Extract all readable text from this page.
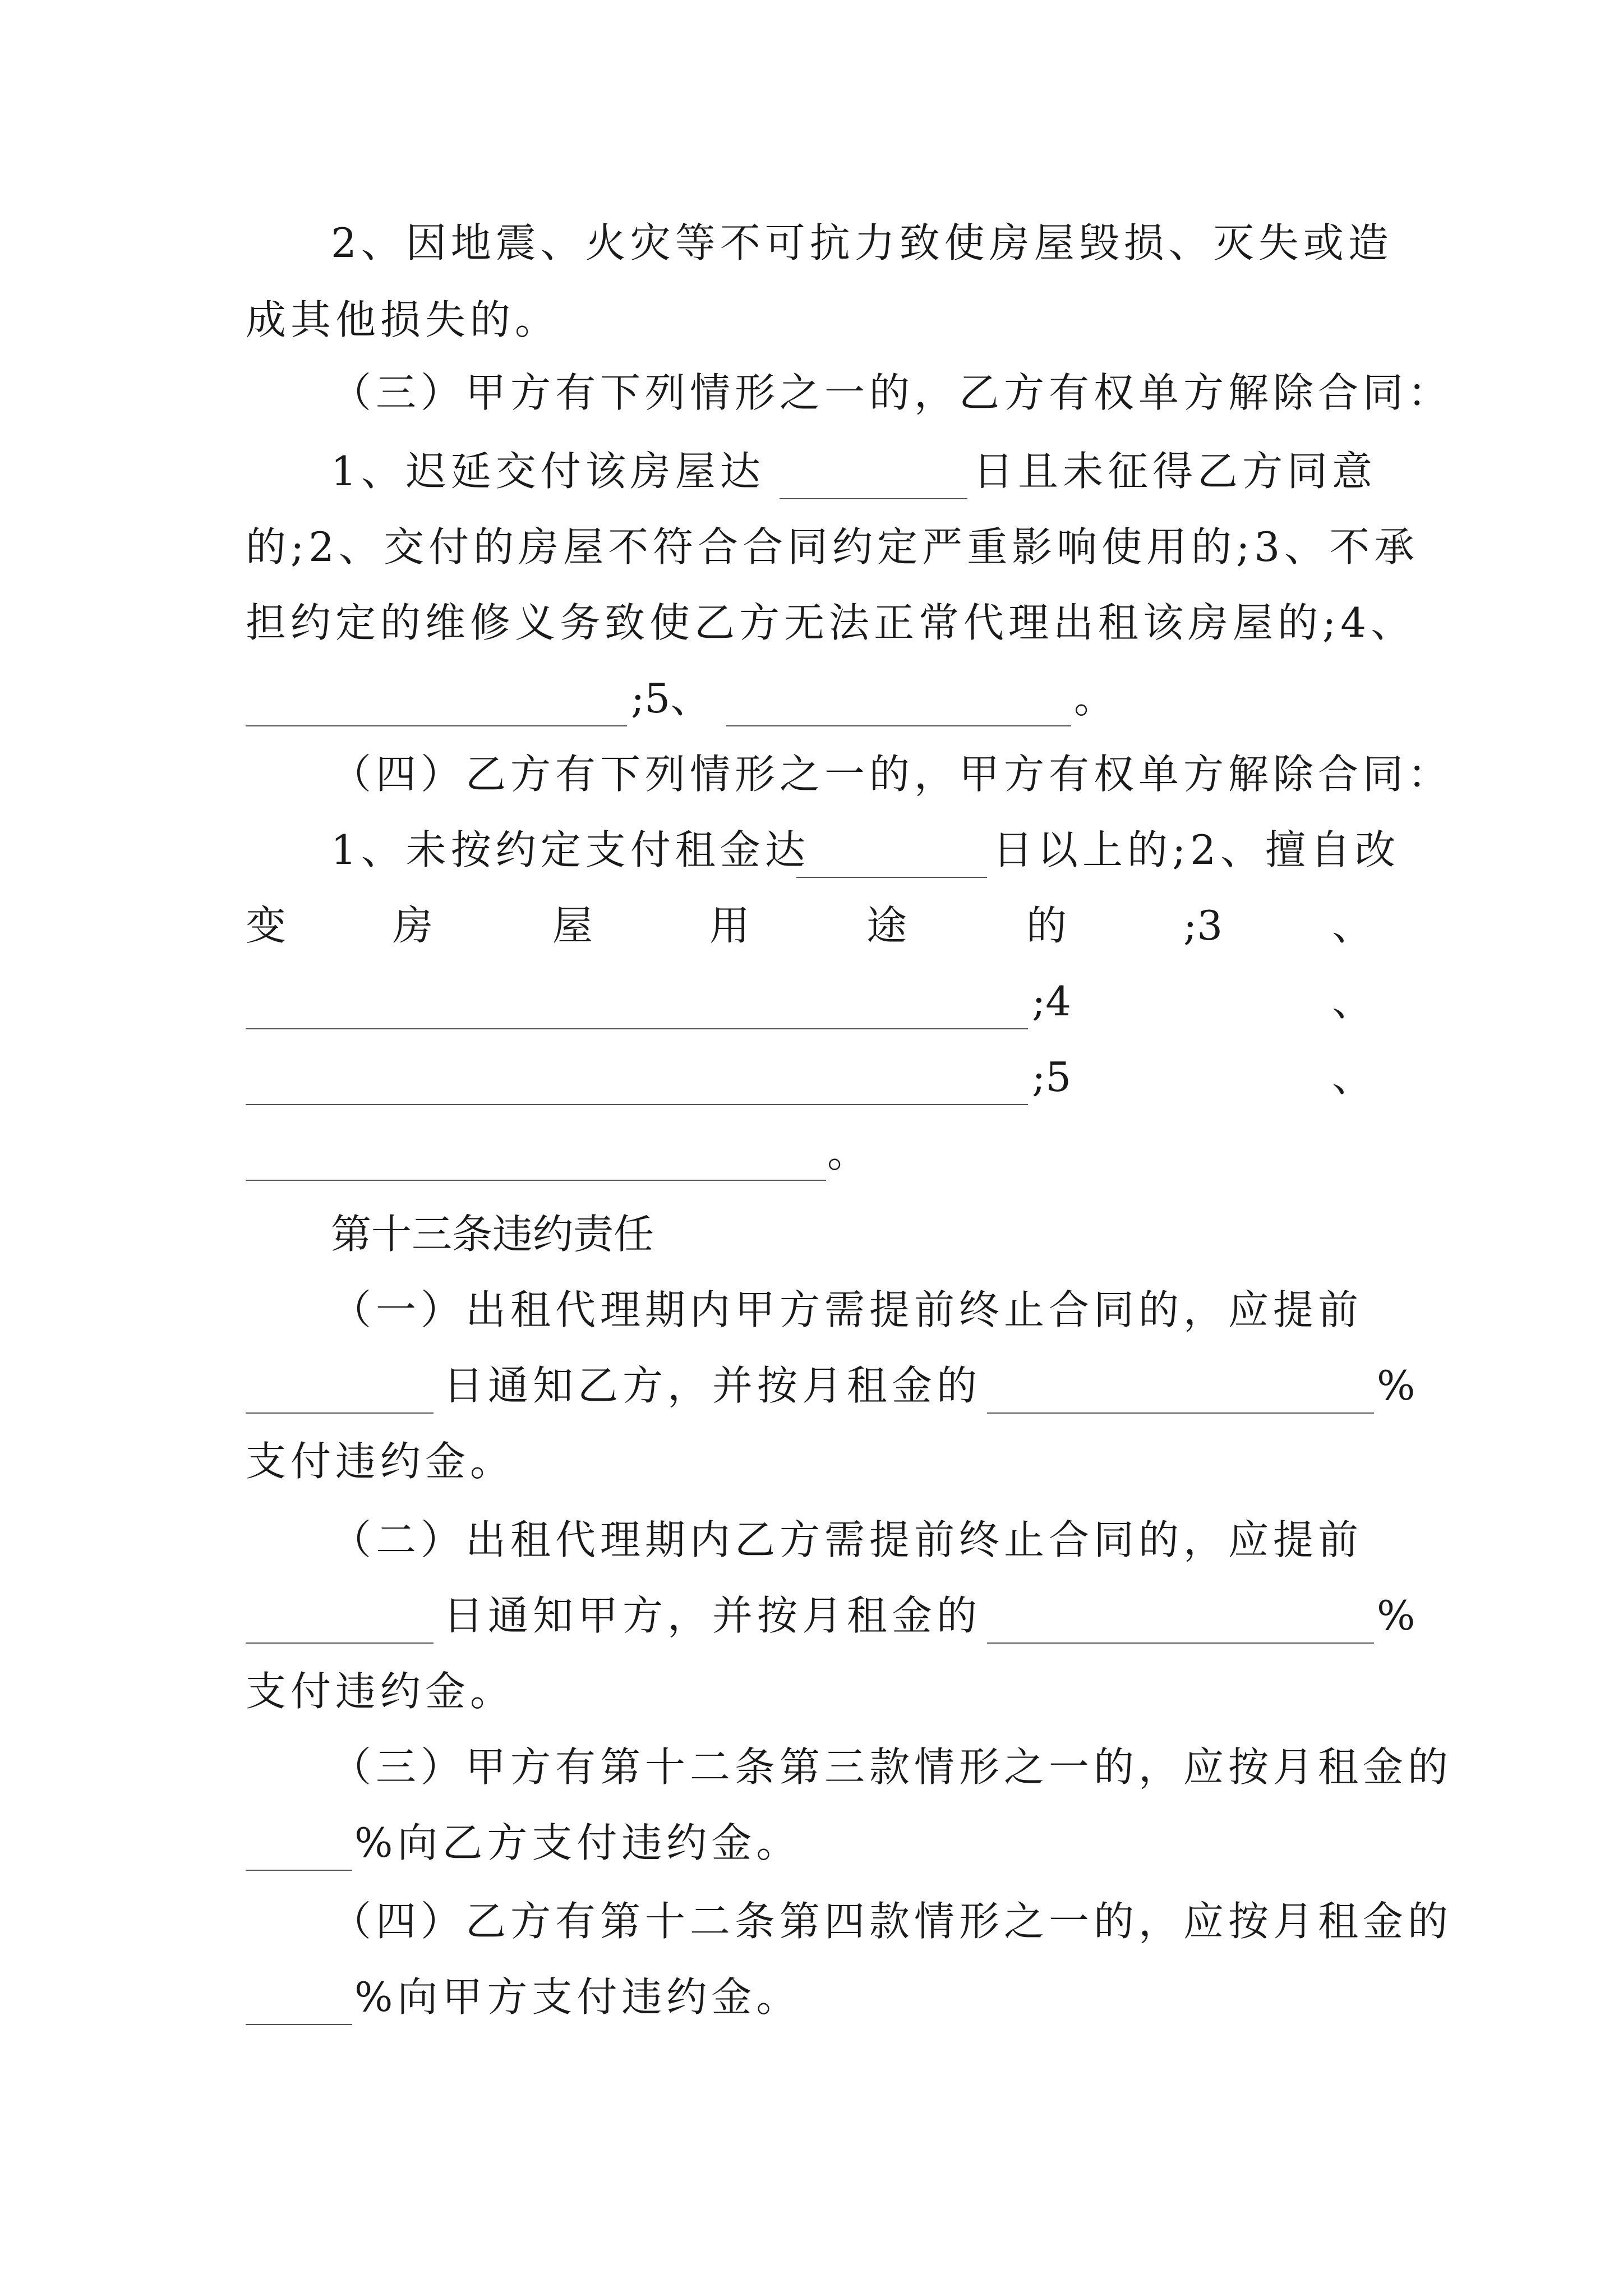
2、因地震、火灾等不可抗力致使房屋毁损、灭失或造
成其他损失的。
（三）甲方有下列情形之一的，乙方有权单方解除合同：
1、迟延交付该房屋达	日且未征得乙方同意
的;2、交付的房屋不符合合同约定严重影响使用的;3、不承
担约定的维修义务致使乙方无法正常代理出租该房屋的;4、
;5、	。
（四）乙方有下列情形之一的，甲方有权单方解除合同：
1、未按约定支付租金达	日以上的;2、擅自改
变	房	屋	用	途	的	;3	、
;4	、
;5	、
。
第十三条违约责任
（一）出租代理期内甲方需提前终止合同的，应提前
日通知乙方，并按月租金的	%
支付违约金。
（二）出租代理期内乙方需提前终止合同的，应提前
日通知甲方，并按月租金的	%
支付违约金。
（三）甲方有第十二条第三款情形之一的，应按月租金的
%向乙方支付违约金。
（四）乙方有第十二条第四款情形之一的，应按月租金的
%向甲方支付违约金。
